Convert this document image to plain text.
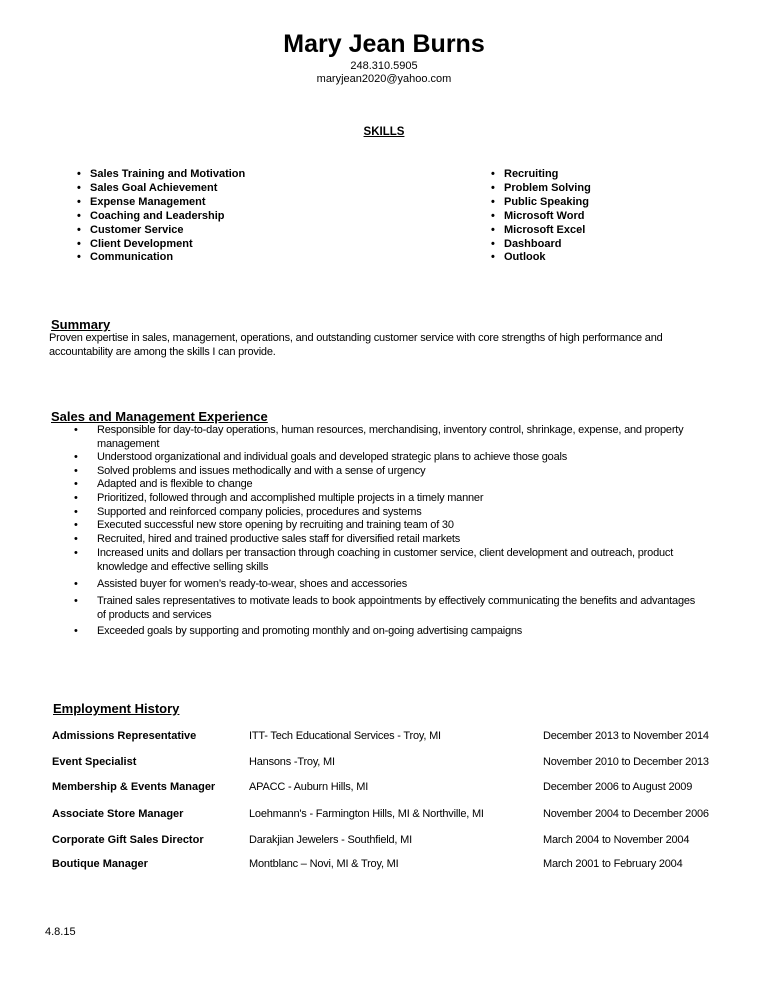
Mary Jean Burns
248.310.5905
maryjean2020@yahoo.com
SKILLS
• Sales Training and Motivation
• Sales Goal Achievement
• Expense Management
• Coaching and Leadership
• Customer Service
• Client Development
• Communication
• Recruiting
• Problem Solving
• Public Speaking
• Microsoft Word
• Microsoft Excel
• Dashboard
• Outlook
Summary
Proven expertise in sales, management, operations, and outstanding customer service with core strengths of high performance and accountability are among the skills I can provide.
Sales and Management Experience
• Responsible for day-to-day operations, human resources, merchandising, inventory control, shrinkage, expense, and property management
• Understood organizational and individual goals and developed strategic plans to achieve those goals
• Solved problems and issues methodically and with a sense of urgency
• Adapted and is flexible to change
• Prioritized, followed through and accomplished multiple projects in a timely manner
• Supported and reinforced company policies, procedures and systems
• Executed successful new store opening by recruiting and training team of 30
• Recruited, hired and trained productive sales staff for diversified retail markets
• Increased units and dollars per transaction through coaching in customer service, client development and outreach, product knowledge and effective selling skills
• Assisted buyer for women’s ready-to-wear, shoes and accessories
• Trained sales representatives to motivate leads to book appointments by effectively communicating the benefits and advantages of products and services
• Exceeded goals by supporting and promoting monthly and on-going advertising campaigns
Employment History
Admissions Representative	ITT- Tech Educational Services - Troy, MI	December 2013 to November 2014
Event Specialist	Hansons -Troy, MI	November 2010 to December 2013
Membership & Events Manager	APACC - Auburn Hills, MI	December 2006 to August 2009
Associate Store Manager	Loehmann's - Farmington Hills, MI & Northville, MI	November 2004 to December 2006
Corporate Gift Sales Director	Darakjian Jewelers - Southfield, MI	March 2004 to November 2004
Boutique Manager	Montblanc – Novi, MI & Troy, MI	March 2001 to February 2004
4.8.15
